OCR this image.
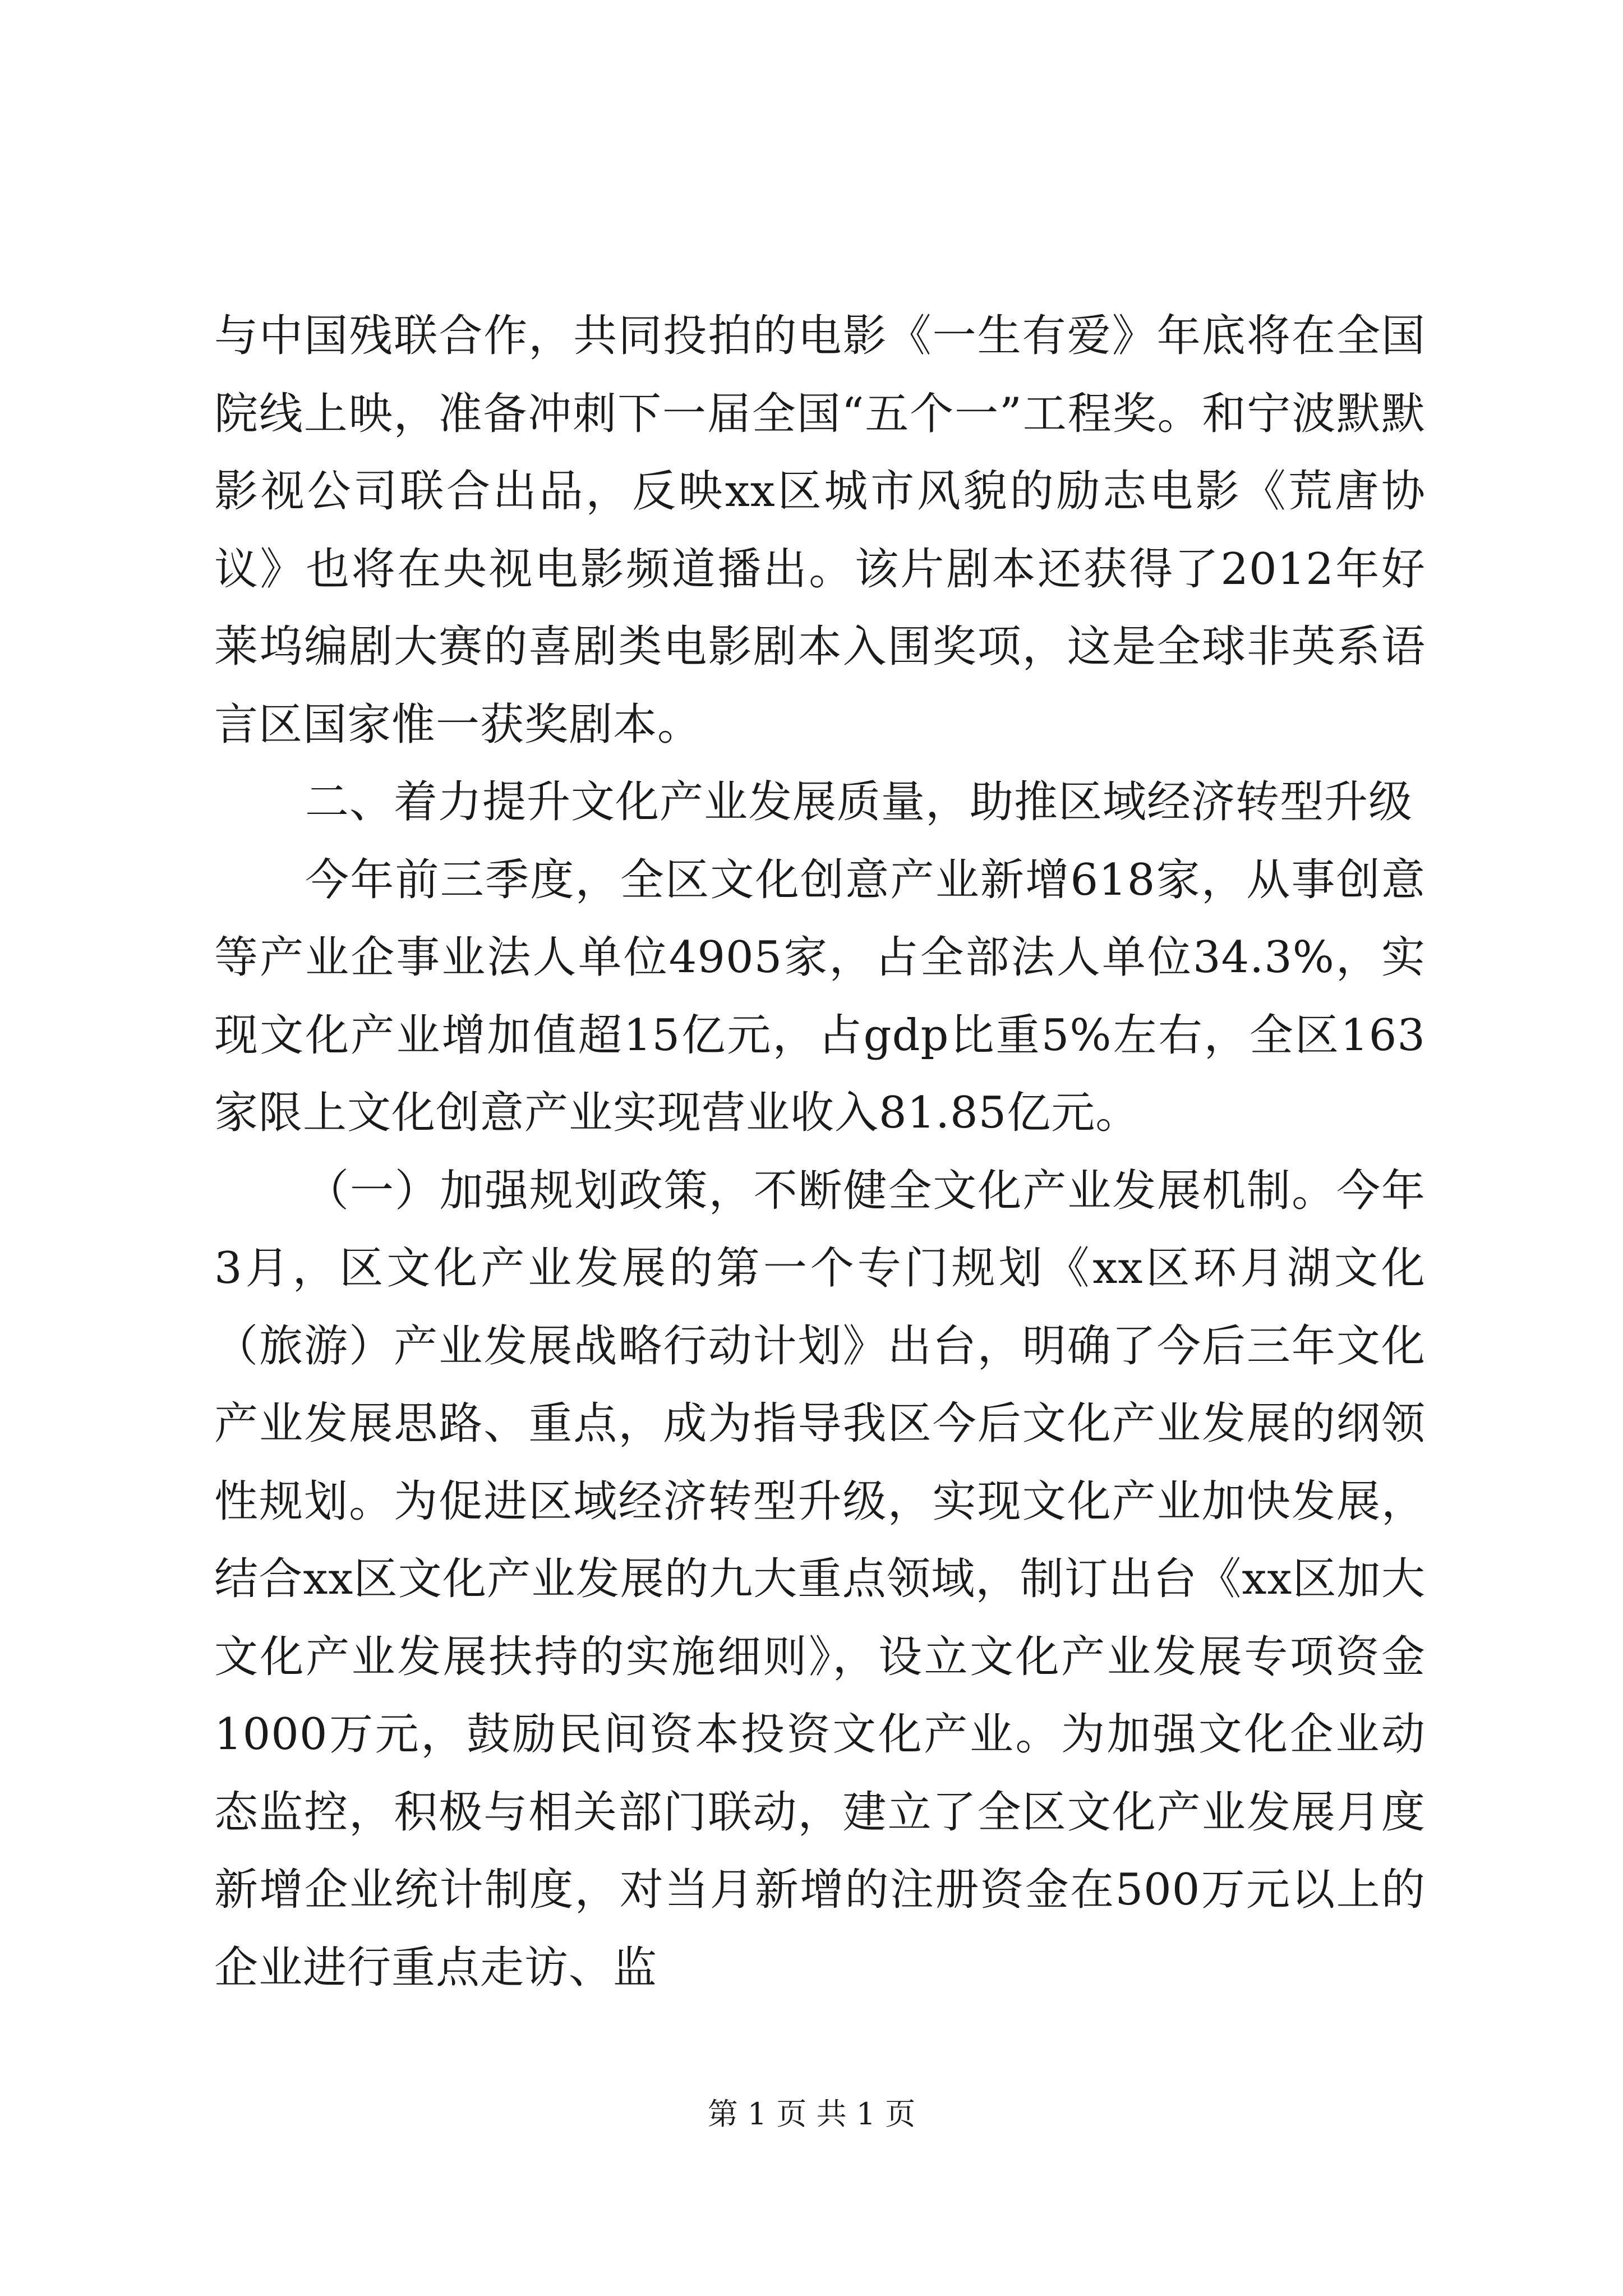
与中国残联合作，共同投拍的电影《一生有爱》年底将在全国院线上映，准备冲刺下一届全国“五个一”工程奖。和宁波默默影视公司联合出品，反映xx区城市风貌的励志电影《荒唐协议》也将在央视电影频道播出。该片剧本还获得了2012年好莱坞编剧大赛的喜剧类电影剧本入围奖项，这是全球非英系语言区国家惟一获奖剧本。

二、着力提升文化产业发展质量，助推区域经济转型升级

今年前三季度，全区文化创意产业新增618家，从事创意等产业企事业法人单位4905家，占全部法人单位34.3%，实现文化产业增加值超15亿元，占gdp比重5%左右，全区163家限上文化创意产业实现营业收入81.85亿元。

（一）加强规划政策，不断健全文化产业发展机制。今年3月，区文化产业发展的第一个专门规划《xx区环月湖文化（旅游）产业发展战略行动计划》出台，明确了今后三年文化产业发展思路、重点，成为指导我区今后文化产业发展的纲领性规划。为促进区域经济转型升级，实现文化产业加快发展，结合xx区文化产业发展的九大重点领域，制订出台《xx区加大文化产业发展扶持的实施细则》，设立文化产业发展专项资金1000万元，鼓励民间资本投资文化产业。为加强文化企业动态监控，积极与相关部门联动，建立了全区文化产业发展月度新增企业统计制度，对当月新增的注册资金在500万元以上的企业进行重点走访、监

第 1 页 共 1 页
